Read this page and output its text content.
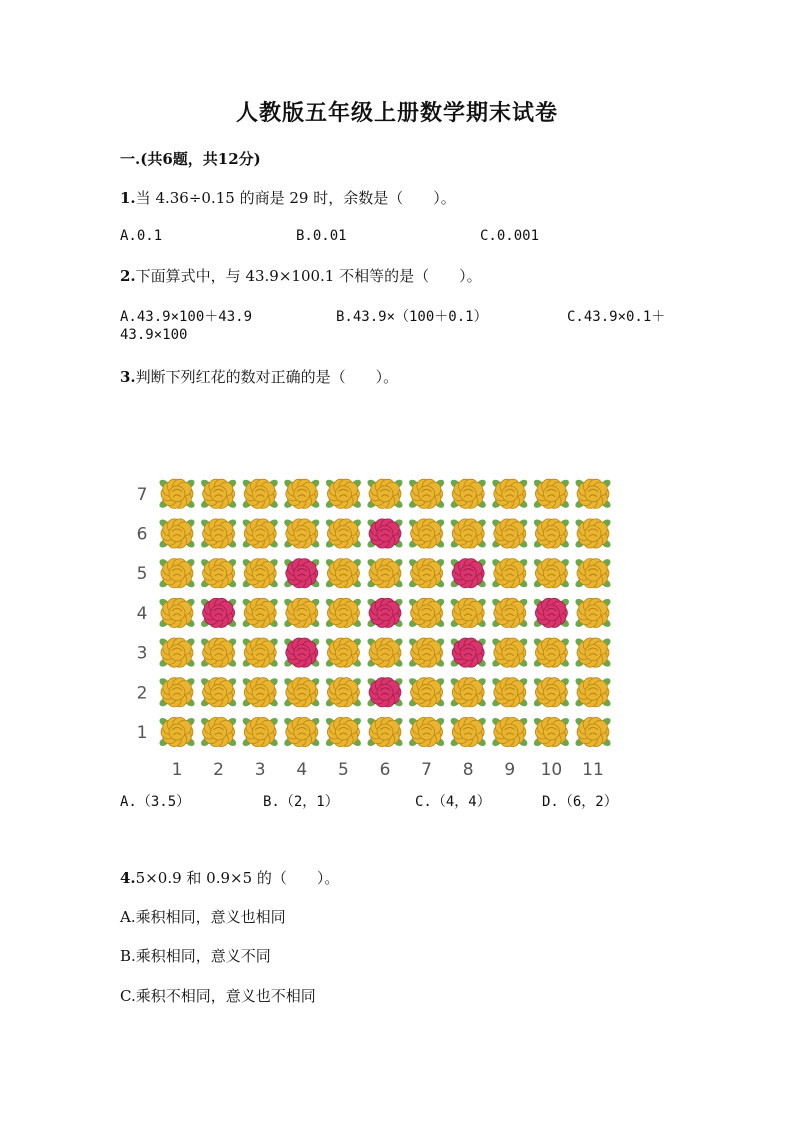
人教版五年级上册数学期末试卷
一.(共6题，共12分)
1.当 4.36÷0.15 的商是 29 时，余数是（　　）。
A.0.1	B.0.01	C.0.001
2.下面算式中，与 43.9×100.1 不相等的是（　　）。
A.43.9×100＋43.9	B.43.9×（100＋0.1）	C.43.9×0.1＋
43.9×100
3.判断下列红花的数对正确的是（　　）。
7
6
5
4
3
2
1
1 2 3 4 5 6 7 8 9 10 11
A.（3.5）	B.（2，1）	C.（4，4）	D.（6，2）
4.5×0.9 和 0.9×5 的（　　）。
A.乘积相同，意义也相同
B.乘积相同，意义不同
C.乘积不相同，意义也不相同
